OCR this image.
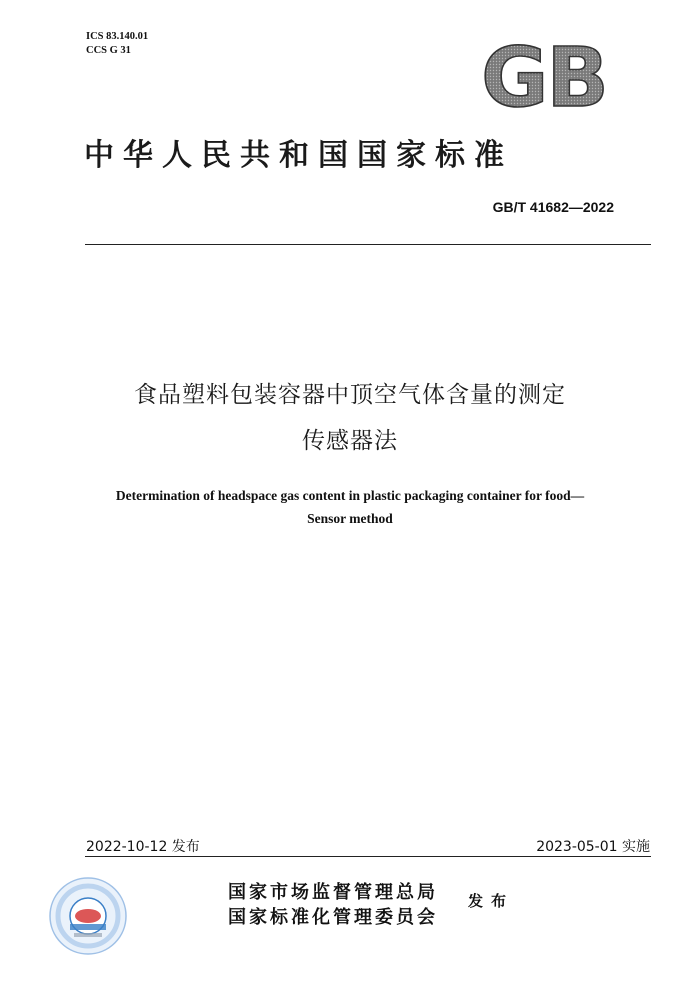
ICS 83.140.01
CCS G 31	GB
中华人民共和国国家标准
GB/T 41682—2022
食品塑料包装容器中顶空气体含量的测定
传感器法
Determination of headspace gas content in plastic packaging container for food—
Sensor method
2022-10-12 发布	2023-05-01 实施
国家市场监督管理总局
国家标准化管理委员会
发布
